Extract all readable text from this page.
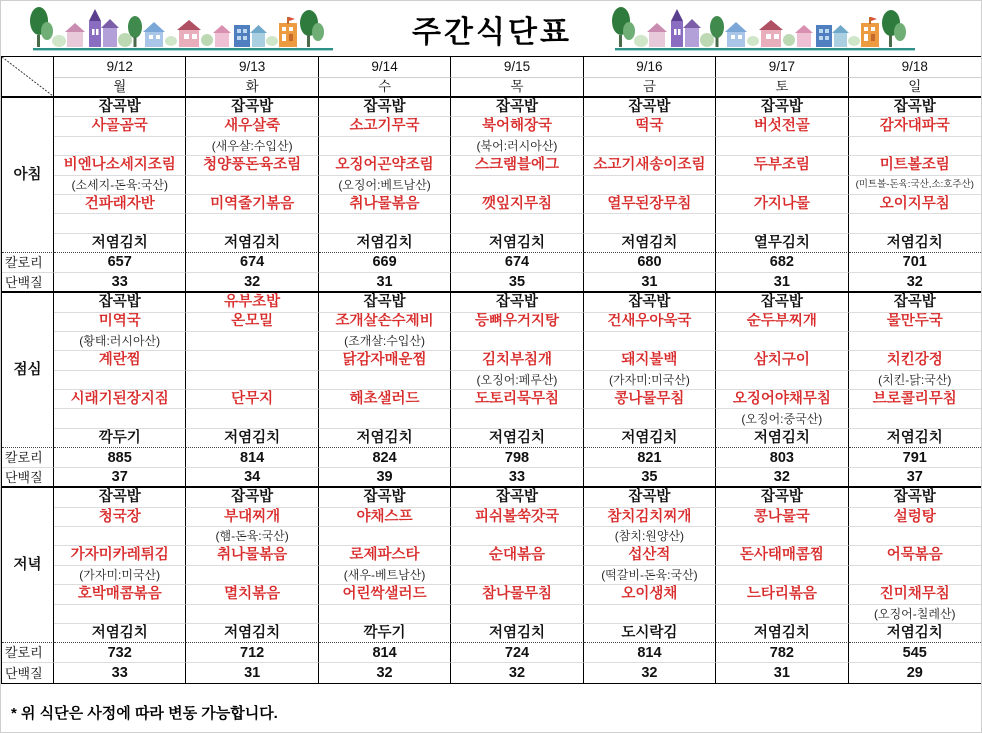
주간식단표
9/12
월
9/13
화
9/14
수
9/15
목
9/16
금
9/17
토
9/18
일
아침
칼로리
단백질
잡곡밥
사골곰국
비엔나소세지조림
(소세지-돈육:국산)
건파래자반
저염김치
657
33
잡곡밥
새우살죽
(새우살:수입산)
청양풍돈육조림
미역줄기볶음
저염김치
674
32
잡곡밥
소고기무국
오징어곤약조림
(오징어:베트남산)
취나물볶음
저염김치
669
31
잡곡밥
북어해장국
(북어:러시아산)
스크램블에그
깻잎지무침
저염김치
674
35
잡곡밥
떡국
소고기새송이조림
열무된장무침
저염김치
680
31
잡곡밥
버섯전골
두부조림
가지나물
열무김치
682
31
잡곡밥
감자대파국
미트볼조림
(미트볼-돈육:국산,소:호주산)
오이지무침
저염김치
701
32
점심
칼로리
단백질
잡곡밥
미역국
(황태:러시아산)
계란찜
시래기된장지짐
깍두기
885
37
유부초밥
온모밀
단무지
저염김치
814
34
잡곡밥
조개살손수제비
(조개살:수입산)
닭감자매운찜
해초샐러드
저염김치
824
39
잡곡밥
등뼈우거지탕
김치부침개
(오징어:페루산)
도토리묵무침
저염김치
798
33
잡곡밥
건새우아욱국
돼지불백
(가자미:미국산)
콩나물무침
저염김치
821
35
잡곡밥
순두부찌개
삼치구이
오징어야채무침
(오징어:중국산)
저염김치
803
32
잡곡밥
물만두국
치킨강정
(치킨-닭:국산)
브로콜리무침
저염김치
791
37
저녁
칼로리
단백질
잡곡밥
청국장
가자미카레튀김
(가자미:미국산)
호박매콤볶음
저염김치
732
33
잡곡밥
부대찌개
(햄-돈육:국산)
취나물볶음
멸치볶음
저염김치
712
31
잡곡밥
야채스프
로제파스타
(새우-베트남산)
어린싹샐러드
깍두기
814
32
잡곡밥
피쉬볼쑥갓국
순대볶음
참나물무침
저염김치
724
32
잡곡밥
참치김치찌개
(참치:원양산)
섭산적
(떡갈비-돈육:국산)
오이생채
도시락김
814
32
잡곡밥
콩나물국
돈사태매콤찜
느타리볶음
저염김치
782
31
잡곡밥
설렁탕
어묵볶음
진미채무침
(오징어-칠레산)
저염김치
545
29
* 위 식단은 사정에 따라 변동 가능합니다.
